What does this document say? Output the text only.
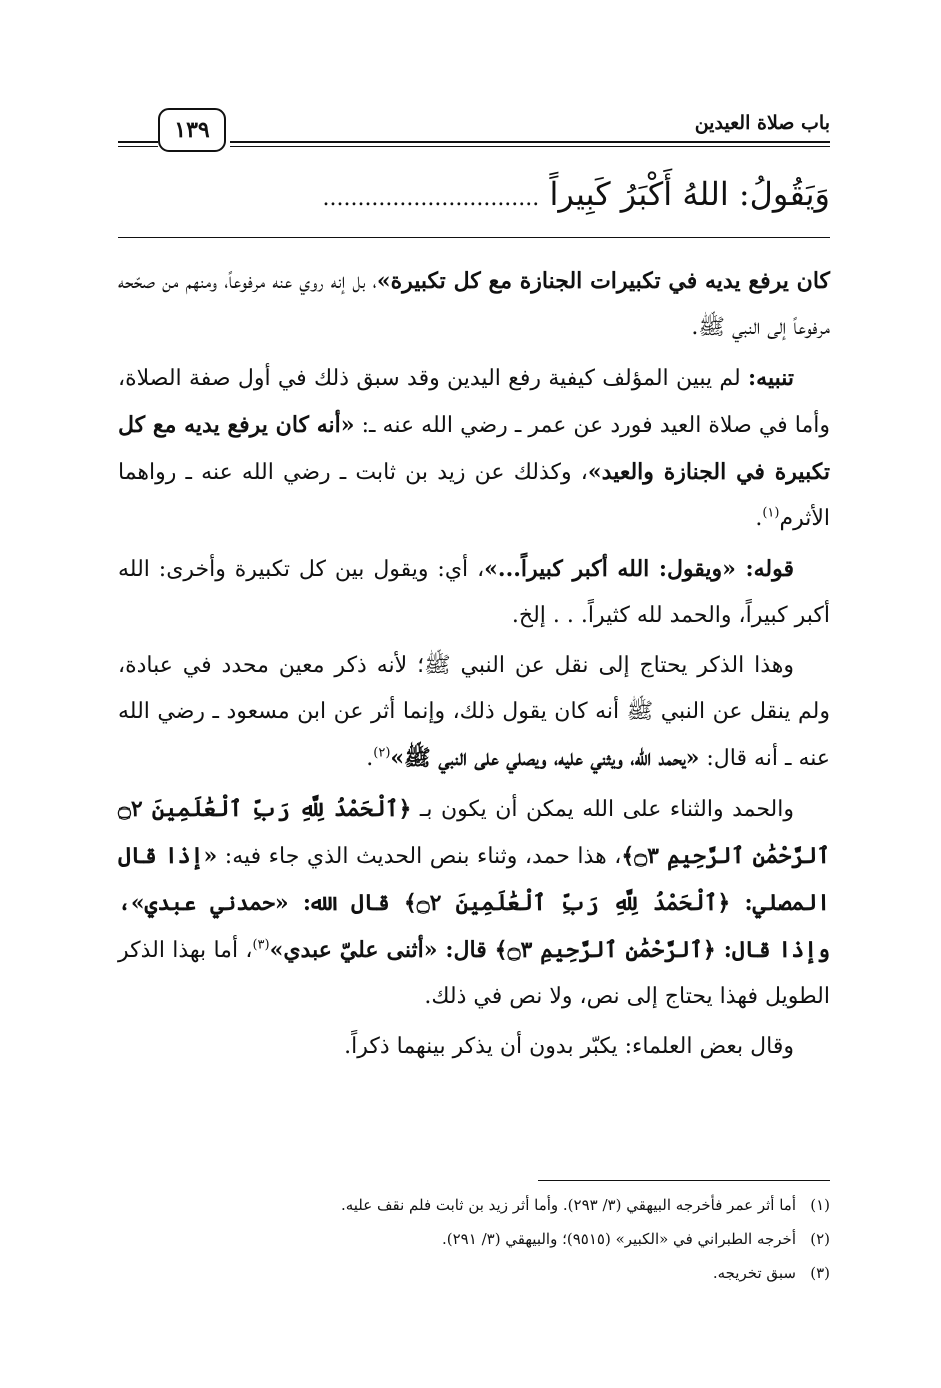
باب صلاة العيدين
١٣٩
وَيَقُولُ: اللهُ أَكْبَرُ كَبِيراً ...............................

كان يرفع يديه في تكبيرات الجنازة مع كل تكبيرة»، بل إنه روي عنه مرفوعاً، ومنهم من صحّحه مرفوعاً إلى النبي ﷺ.

تنبيه: لم يبين المؤلف كيفية رفع اليدين وقد سبق ذلك في أول صفة الصلاة، وأما في صلاة العيد فورد عن عمر ـ رضي الله عنه ـ: «أنه كان يرفع يديه مع كل تكبيرة في الجنازة والعيد»، وكذلك عن زيد بن ثابت ـ رضي الله عنه ـ رواهما الأثرم$^{(١)}$.

قوله: «ويقول: الله أكبر كبيراً...»، أي: ويقول بين كل تكبيرة وأخرى: الله أكبر كبيراً، والحمد لله كثيراً. . . إلخ.

وهذا الذكر يحتاج إلى نقل عن النبي ﷺ؛ لأنه ذكر معين محدد في عبادة، ولم ينقل عن النبي ﷺ أنه كان يقول ذلك، وإنما أثر عن ابن مسعود ـ رضي الله عنه ـ أنه قال: «يحمد الله، ويثني عليه، ويصلي على النبي ﷺ»$^{(٢)}$.

والحمد والثناء على الله يمكن أن يكون بـ ﴿ٱلْحَمْدُ لِلَّهِ رَبِّ ٱلْعَٰلَمِينَ ۝٢ ٱلرَّحْمَٰنِ ٱلرَّحِيمِ ۝٣﴾، هذا حمد، وثناء بنص الحديث الذي جاء فيه: «إذا قال المصلي: ﴿ٱلْحَمْدُ لِلَّهِ رَبِّ ٱلْعَٰلَمِينَ ۝٢﴾ قال الله: «حمدني عبدي»، وإذا قال: ﴿ٱلرَّحْمَٰنِ ٱلرَّحِيمِ ۝٣﴾ قال: «أثنى عليّ عبدي»$^{(٣)}$، أما بهذا الذكر الطويل فهذا يحتاج إلى نص، ولا نص في ذلك.

وقال بعض العلماء: يكبّر بدون أن يذكر بينهما ذكراً.

(١)
أما أثر عمر فأخرجه البيهقي (٣/ ٢٩٣). وأما أثر زيد بن ثابت فلم نقف عليه.
(٢)
أخرجه الطبراني في «الكبير» (٩٥١٥)؛ والبيهقي (٣/ ٢٩١).
(٣)
سبق تخريجه.
